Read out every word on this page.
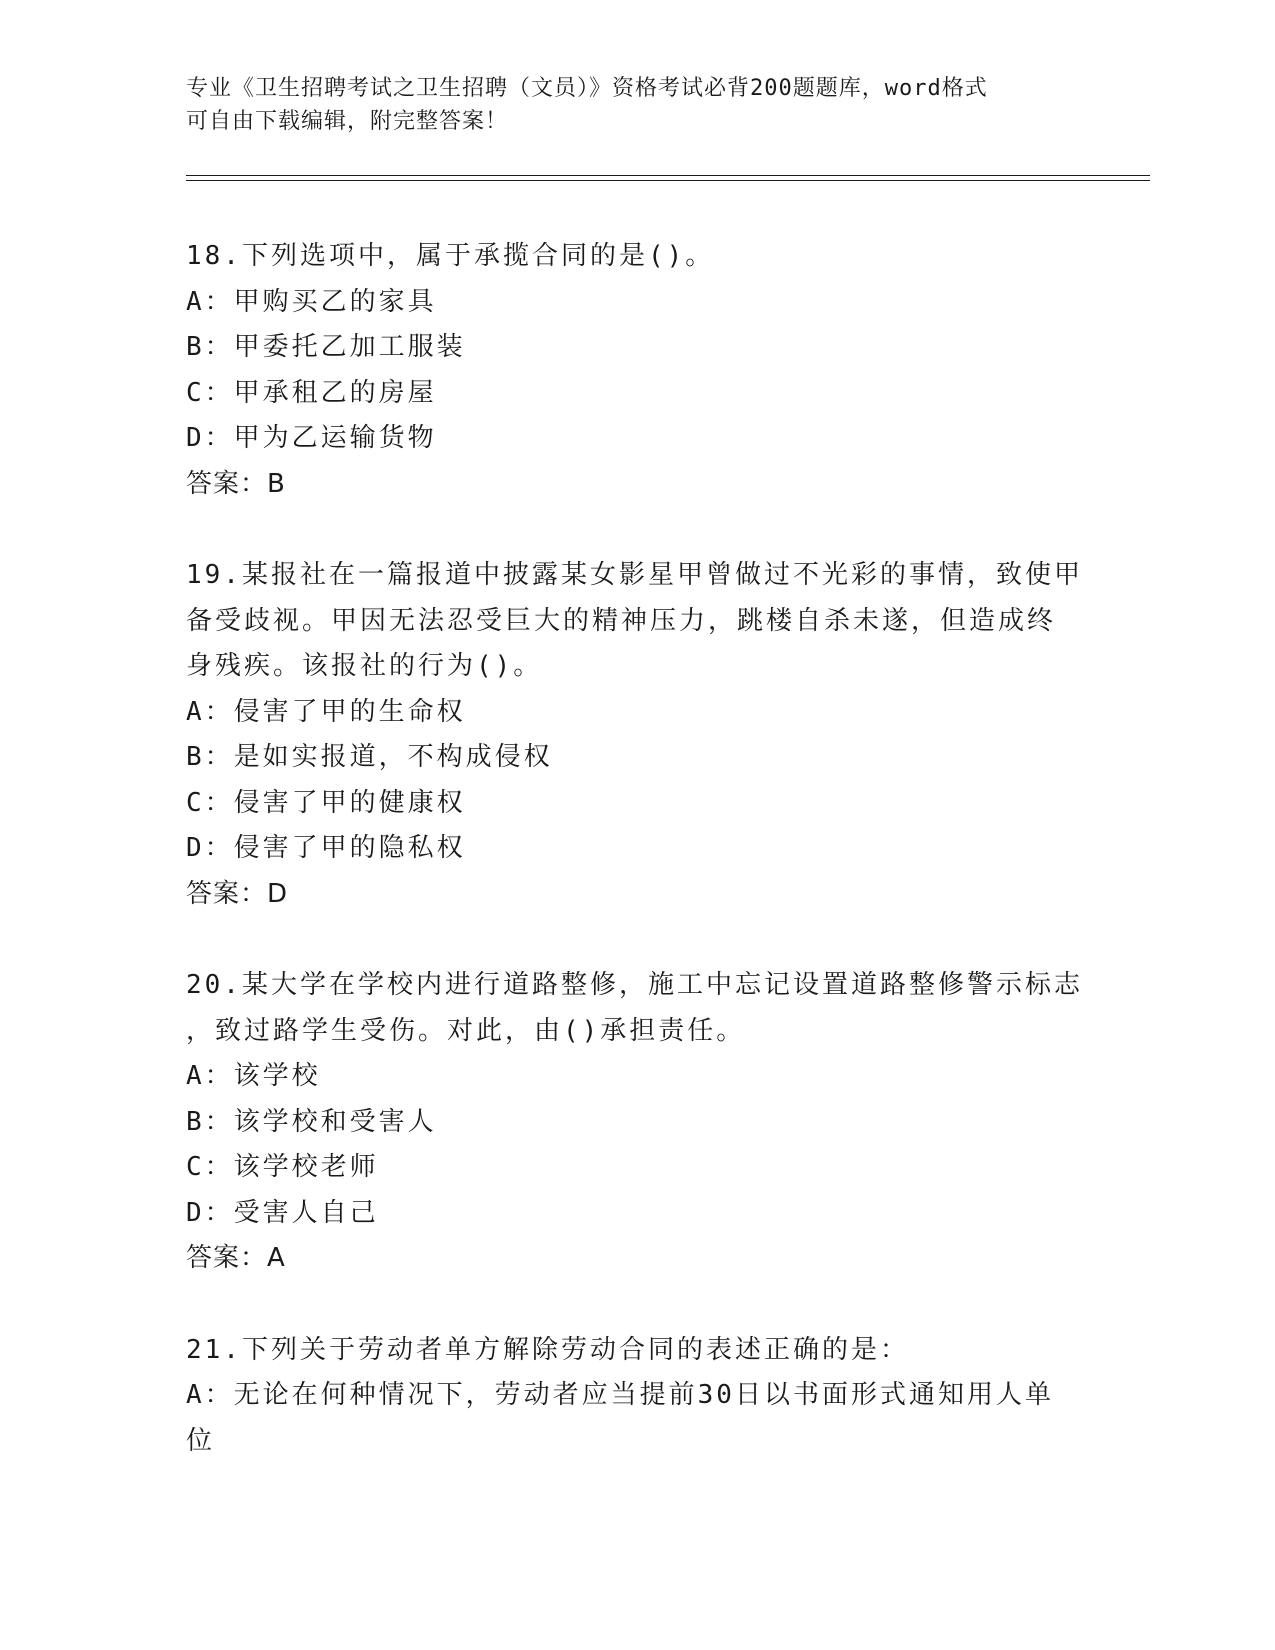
专业《卫生招聘考试之卫生招聘（文员）》资格考试必背200题题库，word格式
可自由下载编辑，附完整答案！
18.下列选项中，属于承揽合同的是()。
A：甲购买乙的家具
B：甲委托乙加工服装
C：甲承租乙的房屋
D：甲为乙运输货物
答案：B
19.某报社在一篇报道中披露某女影星甲曾做过不光彩的事情，致使甲
备受歧视。甲因无法忍受巨大的精神压力，跳楼自杀未遂，但造成终
身残疾。该报社的行为()。
A：侵害了甲的生命权
B：是如实报道，不构成侵权
C：侵害了甲的健康权
D：侵害了甲的隐私权
答案：D
20.某大学在学校内进行道路整修，施工中忘记设置道路整修警示标志
，致过路学生受伤。对此，由()承担责任。
A：该学校
B：该学校和受害人
C：该学校老师
D：受害人自己
答案：A
21.下列关于劳动者单方解除劳动合同的表述正确的是：
A：无论在何种情况下，劳动者应当提前30日以书面形式通知用人单
位
